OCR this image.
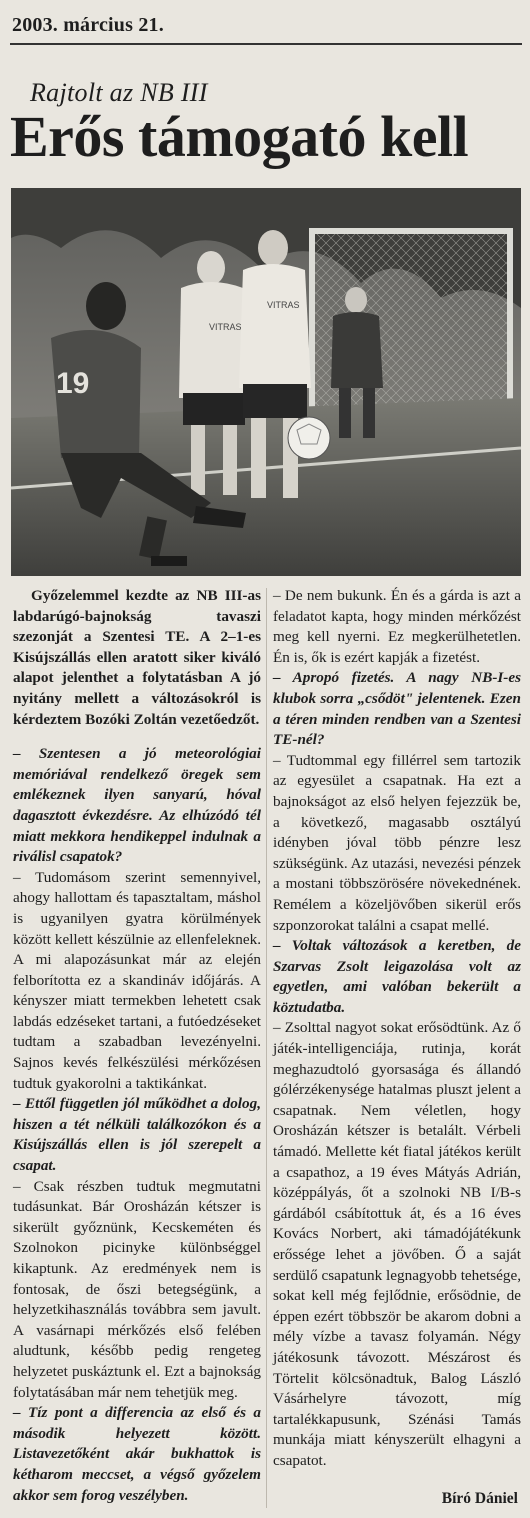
2003. március 21.
Rajtolt az NB III
Erős támogató kell
VITRAS
VITRAS
19

Győzelemmel kezdte az NB III-as labdarúgó-bajnokság tavaszi szezonját a Szentesi TE. A 2–1-es Kisújszállás ellen aratott siker kiváló alapot jelenthet a folytatásban A jó nyitány mellett a változásokról is kérdeztem Bozóki Zoltán vezetőedzőt.

– Szentesen a jó meteorológiai memóriával rendelkező öregek sem emlékeznek ilyen sanyarú, hóval dagasztott évkezdésre. Az elhúzódó tél miatt mekkora hendikeppel indulnak a riválisl csapatok?

– Tudomásom szerint semennyivel, ahogy hallottam és tapasztaltam, máshol is ugyanilyen gyatra körülmények között kellett készülnie az ellenfeleknek. A mi alapozásunkat már az elején felborította ez a skandináv időjárás. A kényszer miatt termekben lehetett csak labdás edzéseket tartani, a futóedzéseket tudtam a szabadban levezényelni. Sajnos kevés felkészülési mérkőzésen tudtuk gyakorolni a taktikánkat.

– Ettől független jól működhet a dolog, hiszen a tét nélküli találkozókon és a Kisújszállás ellen is jól szerepelt a csapat.

– Csak részben tudtuk megmutatni tudásunkat. Bár Orosházán kétszer is sikerült győznünk, Kecskeméten és Szolnokon picinyke különbséggel kikaptunk. Az eredmények nem is fontosak, de őszi betegségünk, a helyzetkihasználás továbbra sem javult. A vasárnapi mérkőzés első felében aludtunk, később pedig rengeteg helyzetet puskáztunk el. Ezt a bajnokság folytatásában már nem tehetjük meg.

– Tíz pont a differencia az első és a második helyezett között. Listavezetőként akár bukhattok is kétharom meccset, a végső győzelem akkor sem forog veszélyben.

– De nem bukunk. Én és a gárda is azt a feladatot kapta, hogy minden mérkőzést meg kell nyerni. Ez megkerülhetetlen. Én is, ők is ezért kapják a fizetést.

– Apropó fizetés. A nagy NB-I-es klubok sorra „csődöt" jelentenek. Ezen a téren minden rendben van a Szentesi TE-nél?

– Tudtommal egy fillérrel sem tartozik az egyesület a csapatnak. Ha ezt a bajnokságot az első helyen fejezzük be, a következő, magasabb osztályú idényben jóval több pénzre lesz szükségünk. Az utazási, nevezési pénzek a mostani többszörösére növekednének. Remélem a közeljövőben sikerül erős szponzorokat találni a csapat mellé.

– Voltak változások a keretben, de Szarvas Zsolt leigazolása volt az egyetlen, ami valóban bekerült a köztudatba.

– Zsolttal nagyot sokat erősödtünk. Az ő játék-intelligenciája, rutinja, korát meghazudtoló gyorsasága és állandó gólérzékenysége hatalmas pluszt jelent a csapatnak. Nem véletlen, hogy Orosházán kétszer is betalált. Vérbeli támadó. Mellette két fiatal játékos került a csapathoz, a 19 éves Mátyás Adrián, középpályás, őt a szolnoki NB I/B-s gárdából csábítottuk át, és a 16 éves Kovács Norbert, aki támadójátékunk erőssége lehet a jövőben. Ő a saját serdülő csapatunk legnagyobb tehetsége, sokat kell még fejlődnie, erősödnie, de éppen ezért többször be akarom dobni a mély vízbe a tavasz folyamán. Négy játékosunk távozott. Mészárost és Törtelit kölcsönadtuk, Balog László Vásárhelyre távozott, míg tartalékkapusunk, Szénási Tamás munkája miatt kényszerült elhagyni a csapatot.

Bíró Dániel
